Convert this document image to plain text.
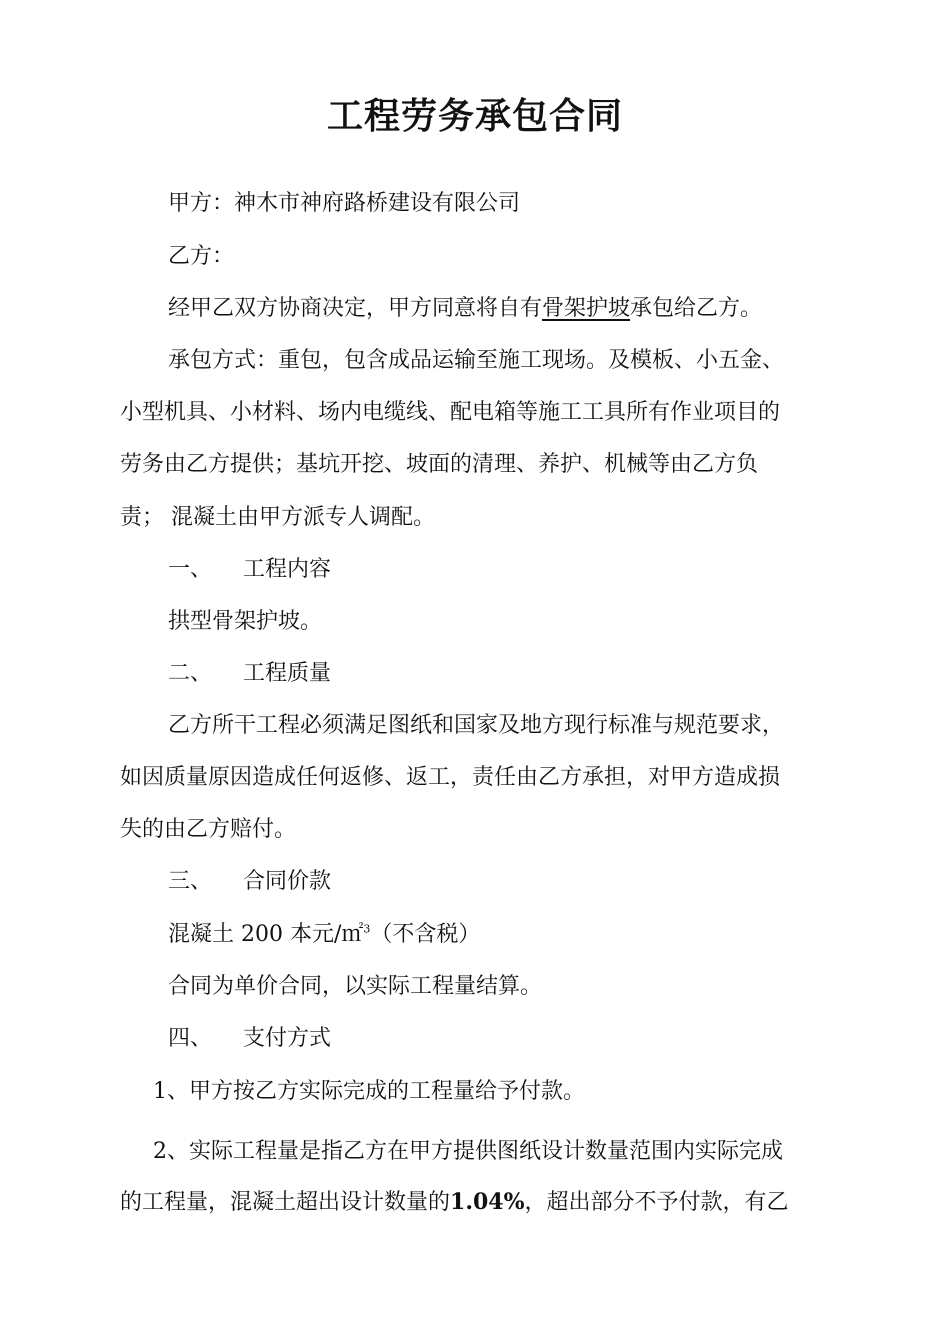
工程劳务承包合同

甲方：神木市神府路桥建设有限公司

乙方：

经甲乙双方协商决定，甲方同意将自有骨架护坡承包给乙方。

承包方式：重包，包含成品运输至施工现场。及模板、小五金、

小型机具、小材料、场内电缆线、配电箱等施工工具所有作业项目的

劳务由乙方提供；基坑开挖、坡面的清理、养护、机械等由乙方负

责； 混凝土由甲方派专人调配。

一、 工程内容

拱型骨架护坡。

二、 工程质量

乙方所干工程必须满足图纸和国家及地方现行标准与规范要求，

如因质量原因造成任何返修、返工，责任由乙方承担，对甲方造成损

失的由乙方赔付。

三、 合同价款

混凝土 200 本元/㎡$^3$（不含税）

合同为单价合同，以实际工程量结算。

四、 支付方式

1、甲方按乙方实际完成的工程量给予付款。

2、实际工程量是指乙方在甲方提供图纸设计数量范围内实际完成

的工程量，混凝土超出设计数量的1.04%，超出部分不予付款，有乙
